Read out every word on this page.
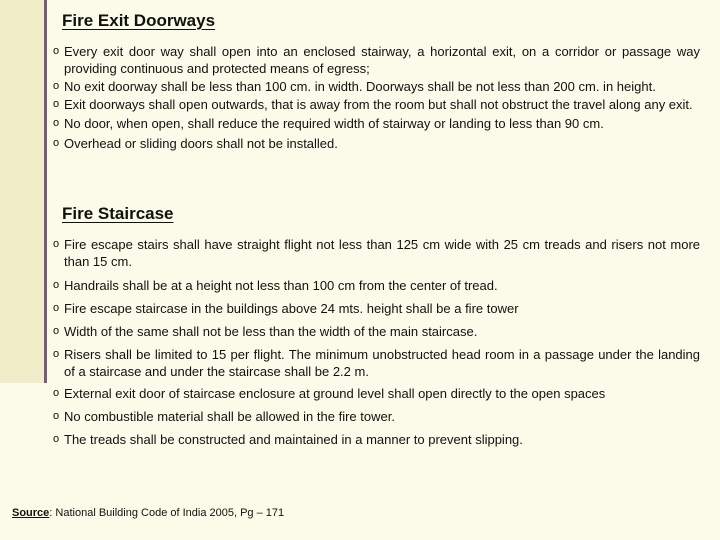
Fire Exit Doorways
o Every exit door way shall open into an enclosed stairway, a horizontal exit, on a corridor or passage way providing continuous and protected means of egress;
o No exit doorway shall be less than 100 cm. in width. Doorways shall be not less than 200 cm. in height.
o Exit doorways shall open outwards, that is away from the room but shall not obstruct the travel along any exit.
o No door, when open, shall reduce the required width of stairway or landing to less than 90 cm.
o Overhead or sliding doors shall not be installed.
Fire Staircase
o Fire escape stairs shall have straight flight not less than 125 cm wide with 25 cm treads and risers not more than 15 cm.
o Handrails shall be at a height not less than 100 cm from the center of tread.
o Fire escape staircase in the buildings above 24 mts. height shall be a fire tower
o Width of the same shall not be less than the width of the main staircase.
o Risers shall be limited to 15 per flight. The minimum unobstructed head room in a passage under the landing of a staircase and under the staircase shall be 2.2 m.
o External exit door of staircase enclosure at ground level shall open directly to the open spaces
o No combustible material shall be allowed in the fire tower.
o The treads shall be constructed and maintained in a manner to prevent slipping.
Source: National Building Code of India 2005, Pg – 171
